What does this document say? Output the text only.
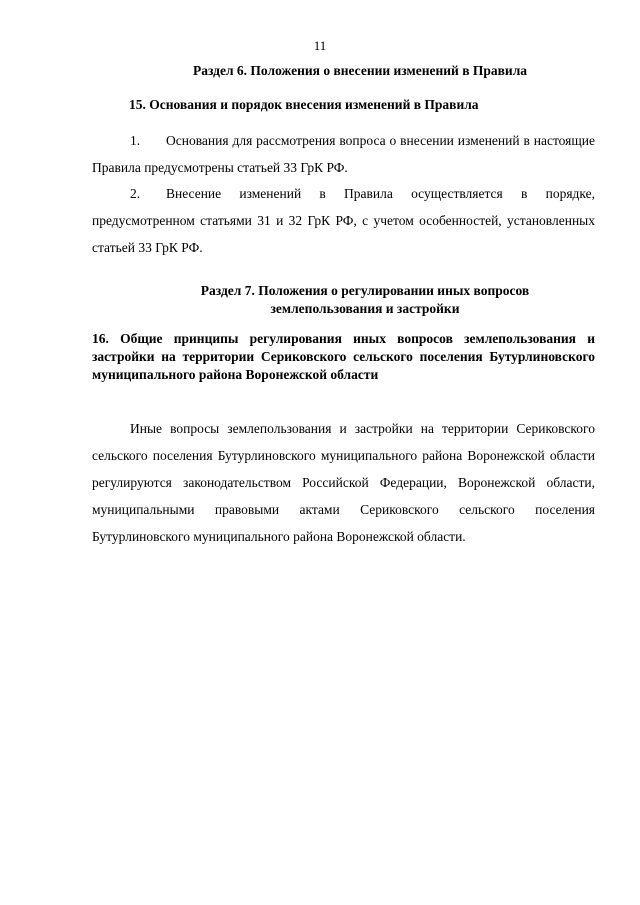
11
Раздел 6. Положения о внесении изменений в Правила
15. Основания и порядок внесения изменений в Правила
1. Основания для рассмотрения вопроса о внесении изменений в настоящие Правила предусмотрены статьей 33 ГрК РФ.
2. Внесение изменений в Правила осуществляется в порядке, предусмотренном статьями 31 и 32 ГрК РФ, с учетом особенностей, установленных статьей 33 ГрК РФ.
Раздел 7. Положения о регулировании иных вопросов землепользования и застройки
16. Общие принципы регулирования иных вопросов землепользования и застройки на территории Сериковского сельского поселения Бутурлиновского муниципального района Воронежской области
Иные вопросы землепользования и застройки на территории Сериковского сельского поселения Бутурлиновского муниципального района Воронежской области регулируются законодательством Российской Федерации, Воронежской области, муниципальными правовыми актами Сериковского сельского поселения Бутурлиновского муниципального района Воронежской области.
